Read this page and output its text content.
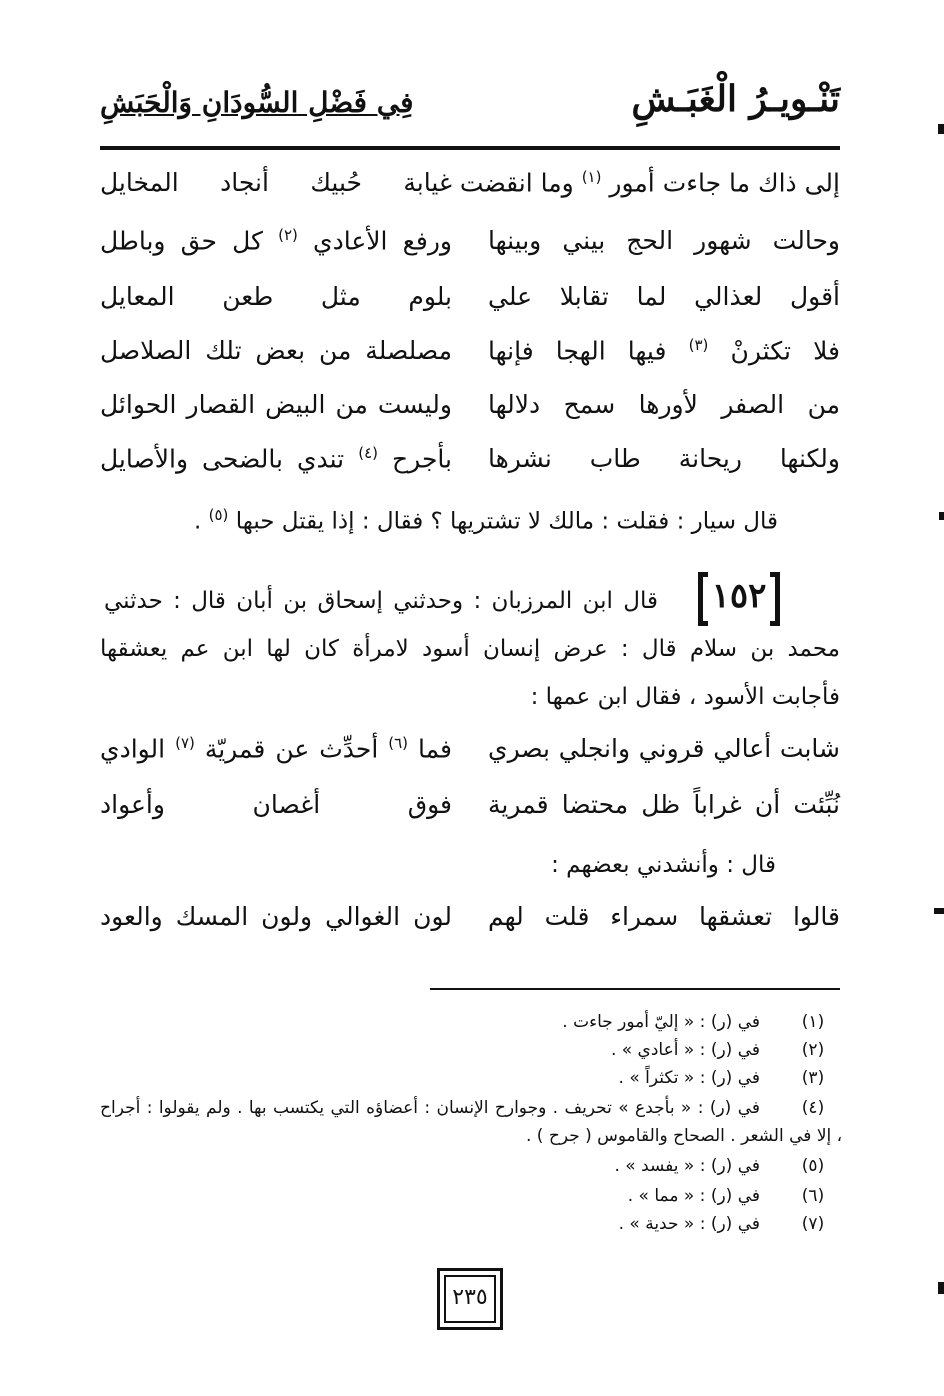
تَنْـويـرُ الْغَبَـشِ
فِي فَضْلِ السُّودَانِ وَالْحَبَشِ
إلى ذاك ما جاءت أمور $^{(١)}$ وما انقضت
غيابة حُبيك أنجاد المخايل
وحالت شهور الحج بيني وبينها
ورفع الأعادي $^{(٢)}$ كل حق وباطل
أقول لعذالي لما تقابلا علي
بلوم مثل طعن المعايل
فلا تكثرنْ $^{(٣)}$ فيها الهجا فإنها
مصلصلة من بعض تلك الصلاصل
من الصفر لأورها سمح دلالها
وليست من البيض القصار الحوائل
ولكنها ريحانة طاب نشرها
بأجرح $^{(٤)}$ تندي بالضحى والأصايل
قال سيار : فقلت : مالك لا تشتريها ؟ فقال : إذا يقتل حبها $^{(٥)}$ .
١٥٢
قال ابن المرزبان : وحدثني إسحاق بن أبان قال : حدثني
محمد بن سلام قال : عرض إنسان أسود لامرأة كان لها ابن عم يعشقها
فأجابت الأسود ، فقال ابن عمها :
شابت أعالي قروني وانجلي بصري
فما $^{(٦)}$ أحدِّث عن قمريّة $^{(٧)}$ الوادي
نُبِّئت أن غراباً ظل محتضا قمرية
فوق أغصان وأعواد
قال : وأنشدني بعضهم :
قالوا تعشقها سمراء قلت لهم
لون الغوالي ولون المسك والعود
(١)
في (ر) : « إليّ أمور جاءت .
(٢)
في (ر) : « أعادي » .
(٣)
في (ر) : « تكثراً » .
(٤)
في (ر) : « بأجدع » تحريف . وجوارح الإنسان : أعضاؤه التي يكتسب بها . ولم يقولوا : أجراح
، إلا في الشعر . الصحاح والقاموس ( جرح ) .
(٥)
في (ر) : « يفسد » .
(٦)
في (ر) : « مما » .
(٧)
في (ر) : « حدية » .
٢٣٥
